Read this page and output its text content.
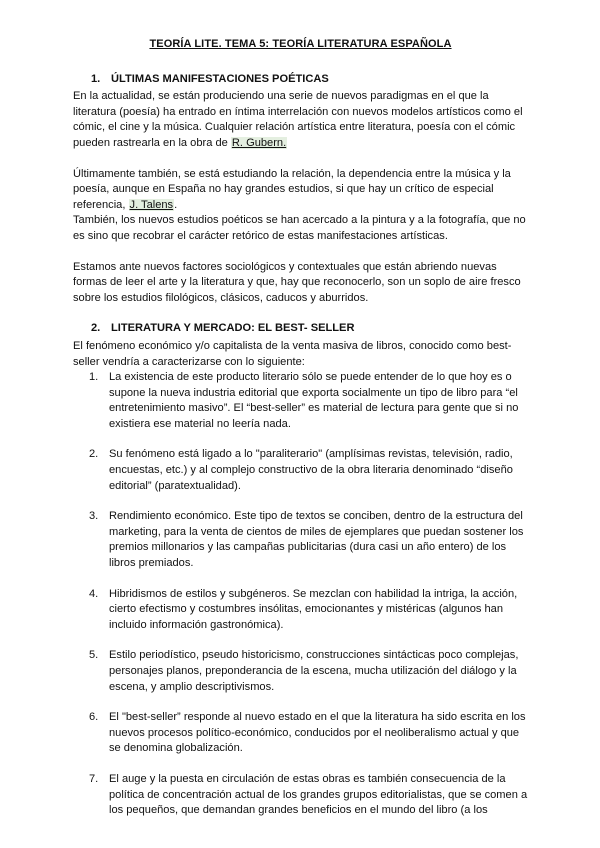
TEORÍA LITE. TEMA 5: TEORÍA LITERATURA ESPAÑOLA
1. ÚLTIMAS MANIFESTACIONES POÉTICAS

En la actualidad, se están produciendo una serie de nuevos paradigmas en el que la literatura (poesía) ha entrado en íntima interrelación con nuevos modelos artísticos como el cómic, el cine y la música. Cualquier relación artística entre literatura, poesía con el cómic pueden rastrearla en la obra de R. Gubern.

Últimamente también, se está estudiando la relación, la dependencia entre la música y la poesía, aunque en España no hay grandes estudios, si que hay un crítico de especial referencia, J. Talens.

También, los nuevos estudios poéticos se han acercado a la pintura y a la fotografía, que no es sino que recobrar el carácter retórico de estas manifestaciones artísticas.

Estamos ante nuevos factores sociológicos y contextuales que están abriendo nuevas formas de leer el arte y la literatura y que, hay que reconocerlo, son un soplo de aire fresco sobre los estudios filológicos, clásicos, caducos y aburridos.

2. LITERATURA Y MERCADO: EL BEST- SELLER

El fenómeno económico y/o capitalista de la venta masiva de libros, conocido como best-seller vendría a caracterizarse con lo siguiente:

1. La existencia de este producto literario sólo se puede entender de lo que hoy es o supone la nueva industria editorial que exporta socialmente un tipo de libro para “el entretenimiento masivo”. El “best-seller” es material de lectura para gente que si no existiera ese material no leería nada.
2. Su fenómeno está ligado a lo "paraliterario" (amplísimas revistas, televisión, radio, encuestas, etc.) y al complejo constructivo de la obra literaria denominado “diseño editorial” (paratextualidad).
3. Rendimiento económico. Este tipo de textos se conciben, dentro de la estructura del marketing, para la venta de cientos de miles de ejemplares que puedan sostener los premios millonarios y las campañas publicitarias (dura casi un año entero) de los libros premiados.
4. Hibridismos de estilos y subgéneros. Se mezclan con habilidad la intriga, la acción, cierto efectismo y costumbres insólitas, emocionantes y mistéricas (algunos han incluido información gastronómica).
5. Estilo periodístico, pseudo historicismo, construcciones sintácticas poco complejas, personajes planos, preponderancia de la escena, mucha utilización del diálogo y la escena, y amplio descriptivismos.
6. El "best-seller” responde al nuevo estado en el que la literatura ha sido escrita en los nuevos procesos político-económico, conducidos por el neoliberalismo actual y que se denomina globalización.
7. El auge y la puesta en circulación de estas obras es también consecuencia de la política de concentración actual de los grandes grupos editorialistas, que se comen a los pequeños, que demandan grandes beneficios en el mundo del libro (a los
